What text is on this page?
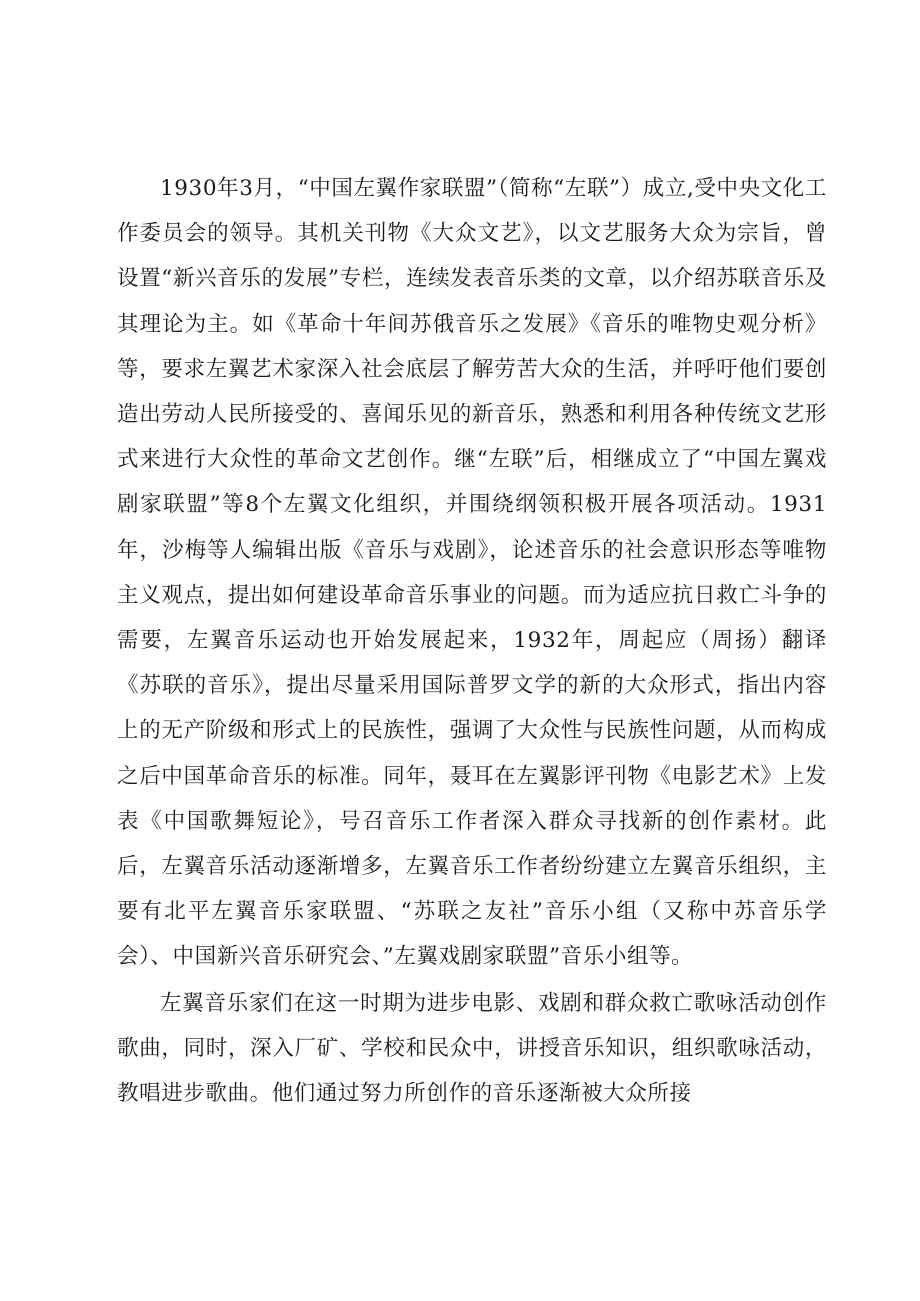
1930年3月，“中国左翼作家联盟”（简称“左联”）成立,受中央文化工作委员会的领导。其机关刊物《大众文艺》，以文艺服务大众为宗旨，曾设置“新兴音乐的发展”专栏，连续发表音乐类的文章，以介绍苏联音乐及其理论为主。如《革命十年间苏俄音乐之发展》《音乐的唯物史观分析》等，要求左翼艺术家深入社会底层了解劳苦大众的生活，并呼吁他们要创造出劳动人民所接受的、喜闻乐见的新音乐，熟悉和利用各种传统文艺形式来进行大众性的革命文艺创作。继“左联”后，相继成立了“中国左翼戏剧家联盟”等8个左翼文化组织，并围绕纲领积极开展各项活动。1931年，沙梅等人编辑出版《音乐与戏剧》，论述音乐的社会意识形态等唯物主义观点，提出如何建设革命音乐事业的问题。而为适应抗日救亡斗争的需要，左翼音乐运动也开始发展起来，1932年，周起应（周扬）翻译《苏联的音乐》，提出尽量采用国际普罗文学的新的大众形式，指出内容上的无产阶级和形式上的民族性，强调了大众性与民族性问题，从而构成之后中国革命音乐的标准。同年，聂耳在左翼影评刊物《电影艺术》上发表《中国歌舞短论》，号召音乐工作者深入群众寻找新的创作素材。此后，左翼音乐活动逐渐增多，左翼音乐工作者纷纷建立左翼音乐组织，主要有北平左翼音乐家联盟、“苏联之友社”音乐小组（又称中苏音乐学会）、中国新兴音乐研究会、”左翼戏剧家联盟”音乐小组等。

左翼音乐家们在这一时期为进步电影、戏剧和群众救亡歌咏活动创作歌曲，同时，深入厂矿、学校和民众中，讲授音乐知识，组织歌咏活动，教唱进步歌曲。他们通过努力所创作的音乐逐渐被大众所接
